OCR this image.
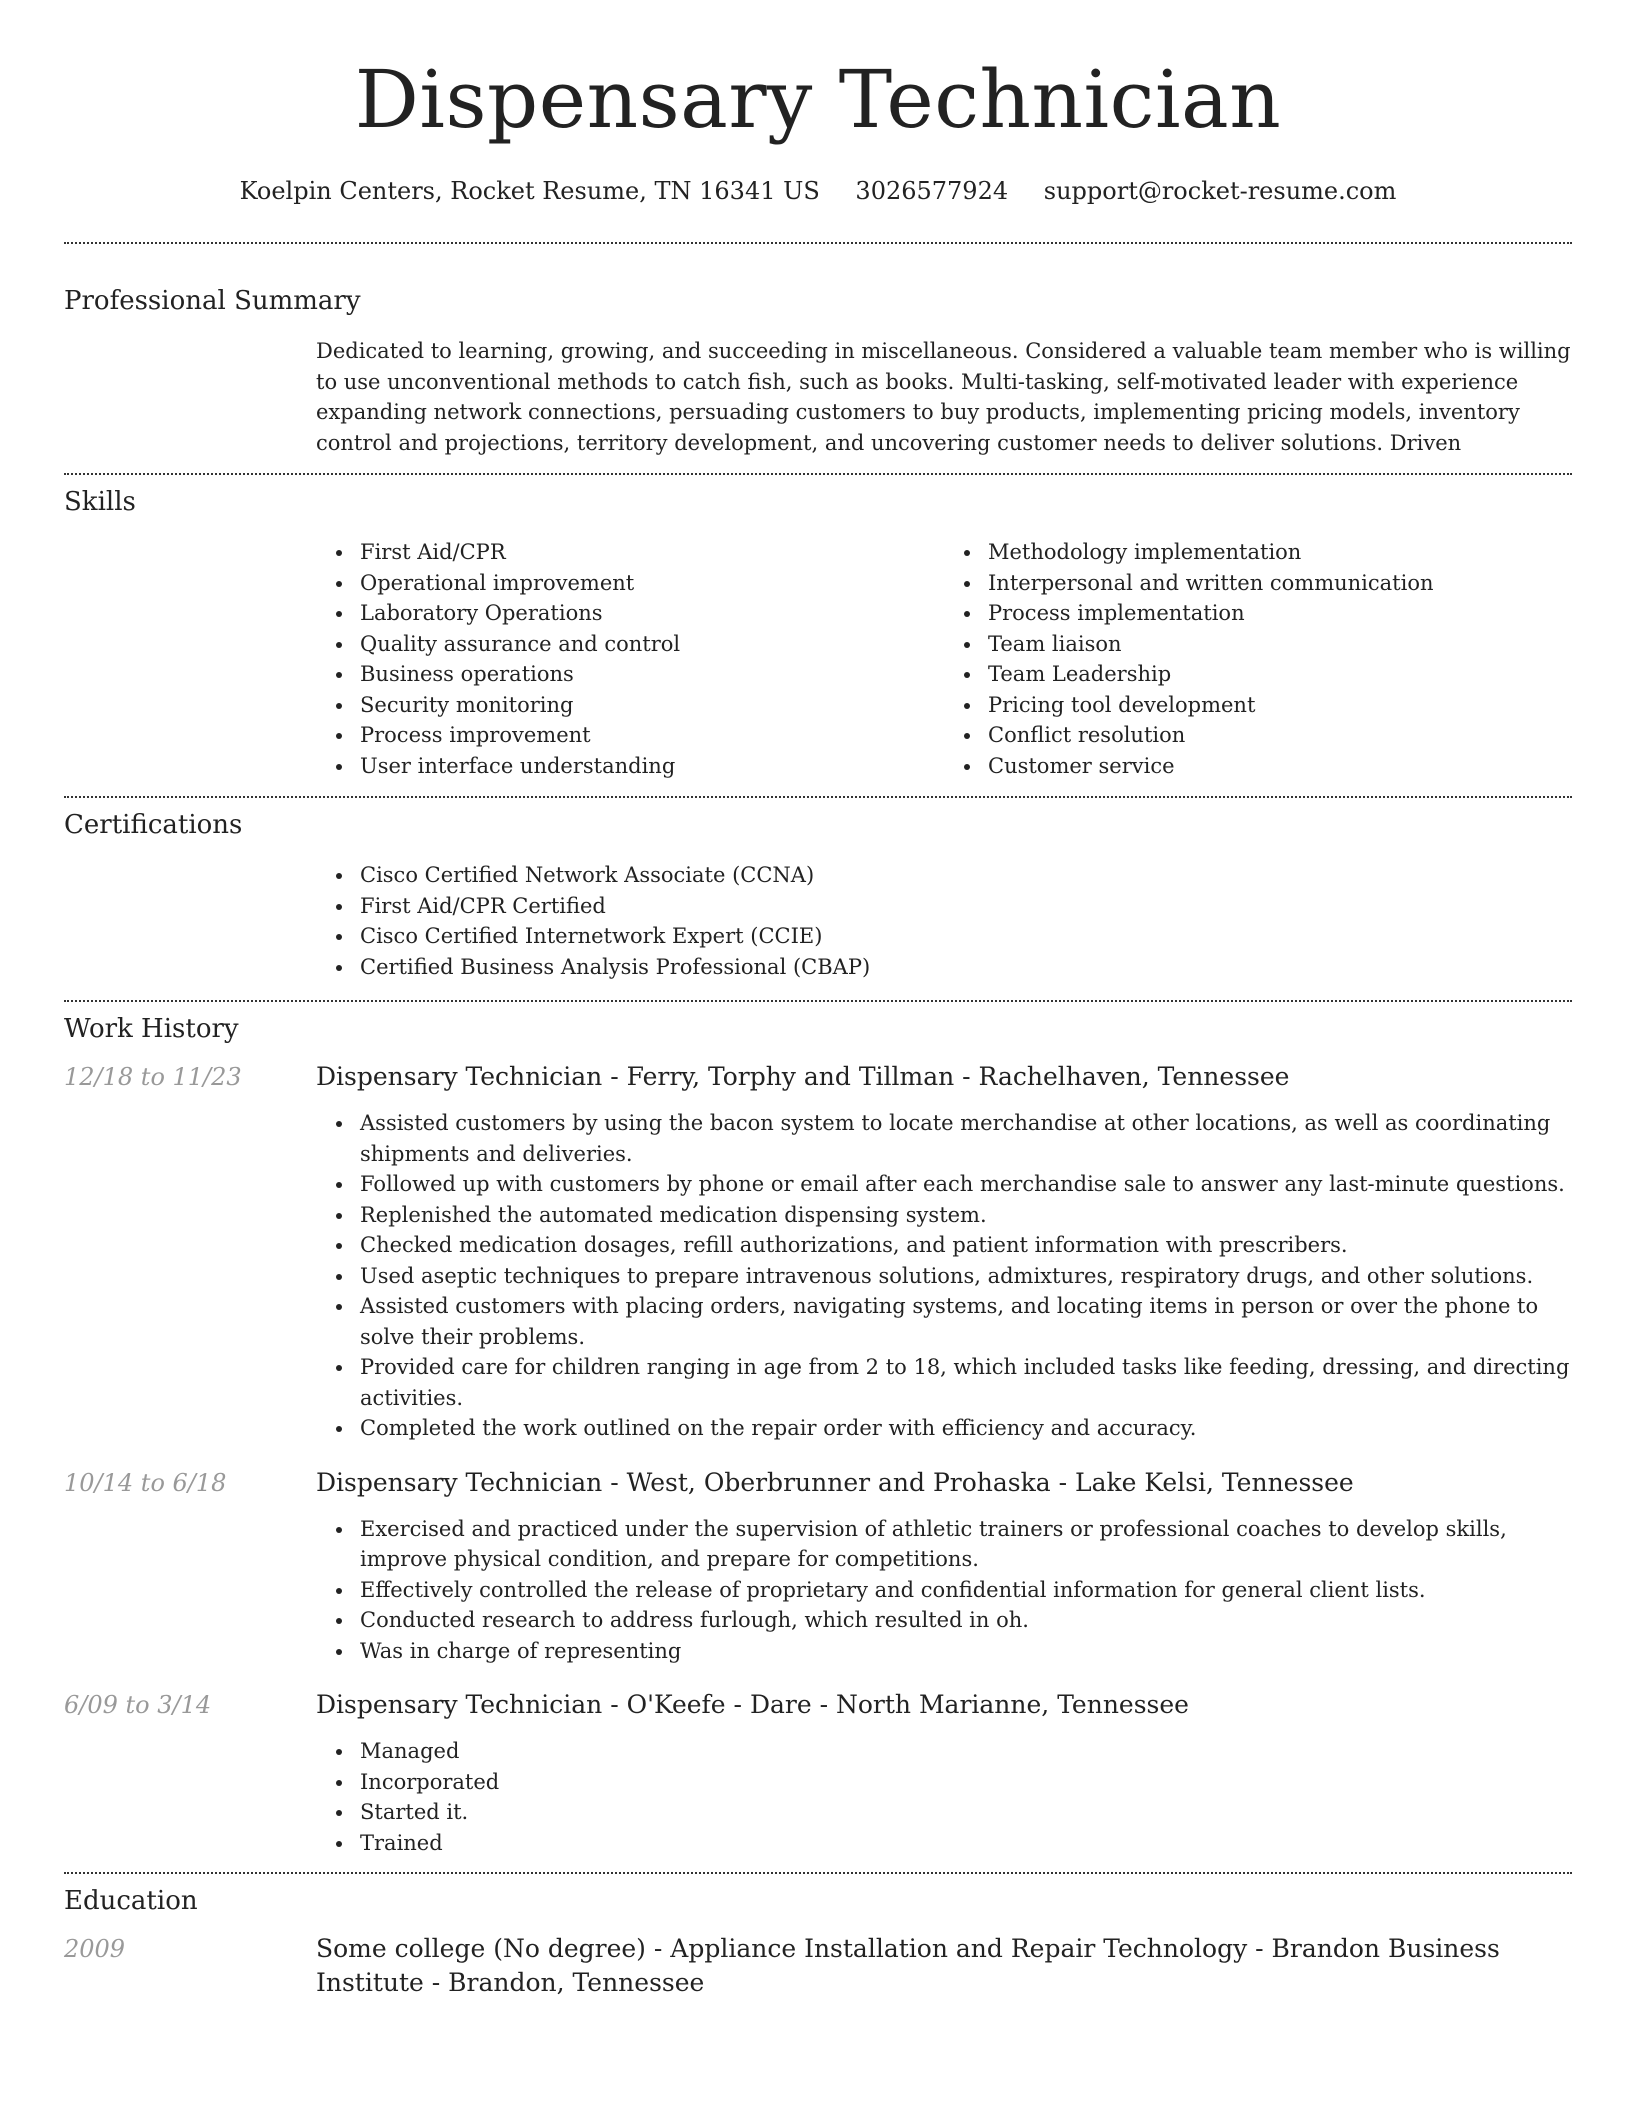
Dispensary Technician
Koelpin Centers, Rocket Resume, TN 16341 US 3026577924 support@rocket-resume.com
Professional Summary

Dedicated to learning, growing, and succeeding in miscellaneous. Considered a valuable team member who is willing to use unconventional methods to catch fish, such as books. Multi-tasking, self-motivated leader with experience expanding network connections, persuading customers to buy products, implementing pricing models, inventory control and projections, territory development, and uncovering customer needs to deliver solutions. Driven

Skills
First Aid/CPR
Operational improvement
Laboratory Operations
Quality assurance and control
Business operations
Security monitoring
Process improvement
User interface understanding
Methodology implementation
Interpersonal and written communication
Process implementation
Team liaison
Team Leadership
Pricing tool development
Conflict resolution
Customer service
Certifications
Cisco Certified Network Associate (CCNA)
First Aid/CPR Certified
Cisco Certified Internetwork Expert (CCIE)
Certified Business Analysis Professional (CBAP)
Work History
12/18 to 11/23	Dispensary Technician - Ferry, Torphy and Tillman - Rachelhaven, Tennessee
Assisted customers by using the bacon system to locate merchandise at other locations, as well as coordinating shipments and deliveries.
Followed up with customers by phone or email after each merchandise sale to answer any last-minute questions.
Replenished the automated medication dispensing system.
Checked medication dosages, refill authorizations, and patient information with prescribers.
Used aseptic techniques to prepare intravenous solutions, admixtures, respiratory drugs, and other solutions.
Assisted customers with placing orders, navigating systems, and locating items in person or over the phone to solve their problems.
Provided care for children ranging in age from 2 to 18, which included tasks like feeding, dressing, and directing activities.
Completed the work outlined on the repair order with efficiency and accuracy.
10/14 to 6/18	Dispensary Technician - West, Oberbrunner and Prohaska - Lake Kelsi, Tennessee
Exercised and practiced under the supervision of athletic trainers or professional coaches to develop skills, improve physical condition, and prepare for competitions.
Effectively controlled the release of proprietary and confidential information for general client lists.
Conducted research to address furlough, which resulted in oh.
Was in charge of representing
6/09 to 3/14	Dispensary Technician - O'Keefe - Dare - North Marianne, Tennessee
Managed
Incorporated
Started it.
Trained
Education
2009	Some college (No degree) - Appliance Installation and Repair Technology - Brandon Business Institute - Brandon, Tennessee
